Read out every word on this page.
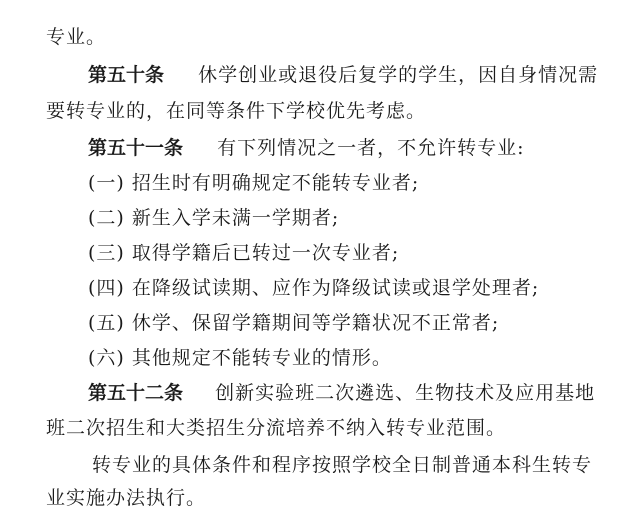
专业。
第五十条 休学创业或退役后复学的学生，因自身情况需
要转专业的，在同等条件下学校优先考虑。
第五十一条 有下列情况之一者，不允许转专业:
(一) 招生时有明确规定不能转专业者;
(二) 新生入学未满一学期者;
(三) 取得学籍后已转过一次专业者;
(四) 在降级试读期、应作为降级试读或退学处理者;
(五) 休学、保留学籍期间等学籍状况不正常者;
(六) 其他规定不能转专业的情形。
第五十二条 创新实验班二次遴选、生物技术及应用基地
班二次招生和大类招生分流培养不纳入转专业范围。
转专业的具体条件和程序按照学校全日制普通本科生转专
业实施办法执行。
